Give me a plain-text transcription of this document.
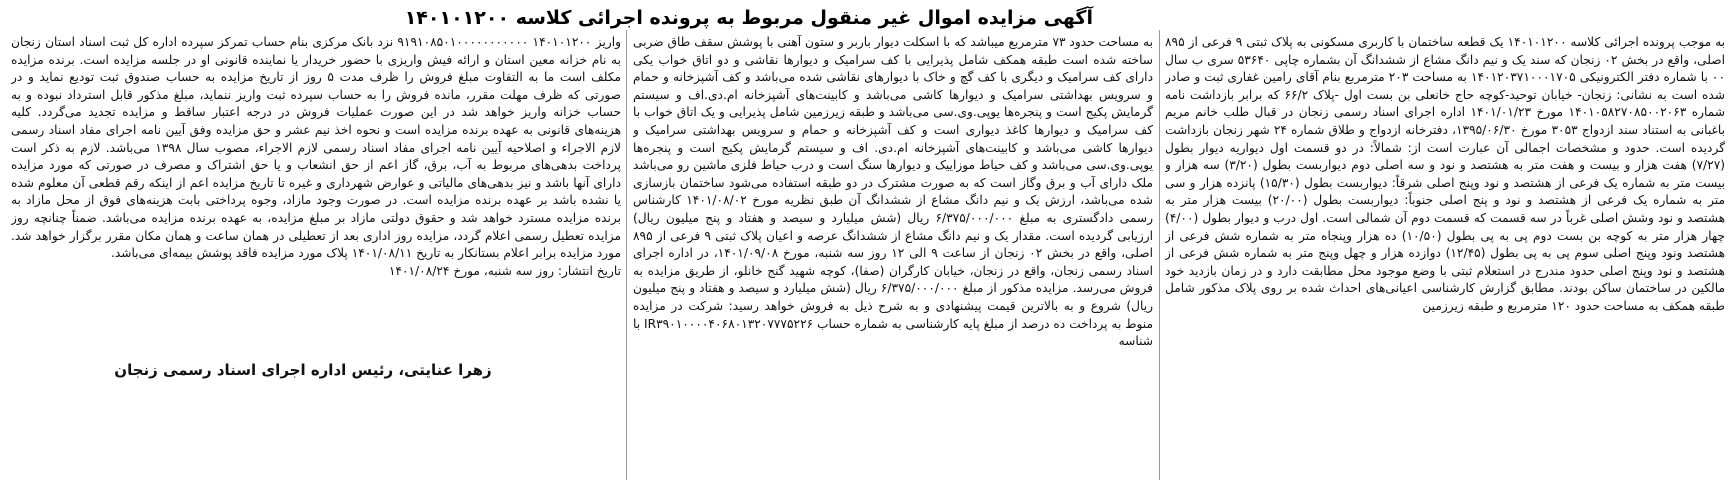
آگهی مزایده اموال غیر منقول مربوط به پرونده اجرائی کلاسه ۱۴۰۱۰۱۲۰۰

به موجب پرونده اجرائی کلاسه ۱۴۰۱۰۱۲۰۰ یک قطعه ساختمان با کاربری مسکونی به پلاک ثبتی ۹ فرعی از ۸۹۵ اصلی، واقع در بخش ۰۲ زنجان که سند یک و نیم دانگ مشاع از ششدانگ آن بشماره چاپی ۵۳۶۴۰ سری ب سال ۰۰ با شماره دفتر الکترونیکی ۱۴۰۱۲۰۳۷۱۰۰۰۱۷۰۵ به مساحت ۲۰۳ مترمربع بنام آقای رامین غفاری ثبت و صادر شده است به نشانی: زنجان- خیابان توحید-کوچه حاج خانعلی بن بست اول -پلاک ۶۶/۲ که برابر بازداشت نامه شماره ۱۴۰۱۰۵۸۲۷۰۸۵۰۰۲۰۶۳ مورخ ۱۴۰۱/۰۱/۲۳ اداره اجرای اسناد رسمی زنجان در قبال طلب خانم مریم باغبانی به استناد سند ازدواج ۳۰۵۳ مورخ ۱۳۹۵/۰۶/۳۰، دفترخانه ازدواج و طلاق شماره ۲۴ شهر زنجان بازداشت گردیده است. حدود و مشخصات اجمالی آن عبارت است از: شمالاً: در دو قسمت اول دیواریه دیوار بطول (۷/۲۷) هفت هزار و بیست و هفت متر به هشتصد و نود و سه اصلی دوم دیواربست بطول (۳/۲۰) سه هزار و بیست متر به شماره یک فرعی از هشتصد و نود وپنج اصلی شرقاً: دیواربست بطول (۱۵/۳۰) پانزده هزار و سی متر به شماره یک فرعی از هشتصد و نود و پنج اصلی جنوباً: دیواربست بطول (۲۰/۰۰) بیست هزار متر به هشتصد و نود وشش اصلی غرباً در سه قسمت که قسمت دوم آن شمالی است. اول درب و دیوار بطول (۴/۰۰) چهار هزار متر به کوچه بن بست دوم پی به پی بطول (۱۰/۵۰) ده هزار وپنجاه متر به شماره شش فرعی از هشتصد ونود وپنج اصلی سوم پی به پی بطول (۱۲/۴۵) دوازده هزار و چهل وپنج متر به شماره شش فرعی از هشتصد و نود وپنج اصلی حدود مندرج در استعلام ثبتی با وضع موجود محل مطابقت دارد و در زمان بازدید خود مالکین در ساختمان ساکن بودند. مطابق گزارش کارشناسی اعیانی‌های احداث شده بر روی پلاک مذکور شامل طبقه همکف به مساحت حدود ۱۲۰ مترمربع و طبقه زیرزمین

به مساحت حدود ۷۳ مترمربع میباشد که با اسکلت دیوار باربر و ستون آهنی با پوشش سقف طاق ضربی ساخته شده است طبقه همکف شامل پذیرایی با کف سرامیک و دیوارها نقاشی و دو اتاق خواب یکی دارای کف سرامیک و دیگری با کف گچ و خاک با دیوارهای نقاشی شده می‌باشد و کف آشپزخانه و حمام و سرویس بهداشتی سرامیک و دیوارها کاشی می‌باشد و کابینت‌های آشپزخانه ام.دی.اف و سیستم گرمایش پکیج است و پنجره‌ها یوپی.وی.سی می‌باشد و طبقه زیرزمین شامل پذیرایی و یک اتاق خواب با کف سرامیک و دیوارها کاغذ دیواری است و کف آشپزخانه و حمام و سرویس بهداشتی سرامیک و دیوارها کاشی می‌باشد و کابینت‌های آشپزخانه ام.دی. اف و سیستم گرمایش پکیج است و پنجره‌ها یوپی.وی.سی می‌باشد و کف حیاط موزاییک و دیوارها سنگ است و درب حیاط فلزی ماشین رو می‌باشد ملک دارای آب و برق وگاز است که به صورت مشترک در دو طبقه استفاده می‌شود ساختمان بازسازی شده می‌باشد، ارزش یک و نیم دانگ مشاع از ششدانگ آن طبق نظریه مورخ ۱۴۰۱/۰۸/۰۲ کارشناس رسمی دادگستری به مبلغ ۶/۳۷۵/۰۰۰/۰۰۰ ریال (شش میلیارد و سیصد و هفتاد و پنج میلیون ریال) ارزیابی گردیده است. مقدار یک و نیم دانگ مشاع از ششدانگ عرصه و اعیان پلاک ثبتی ۹ فرعی از ۸۹۵ اصلی، واقع در بخش ۰۲ زنجان از ساعت ۹ الی ۱۲ روز سه شنبه، مورخ ۱۴۰۱/۰۹/۰۸، در اداره اجرای اسناد رسمی زنجان، واقع در زنجان، خیابان کارگران (صفا)، کوچه شهید گنج خانلو، از طریق مزایده به فروش می‌رسد. مزایده مذکور از مبلغ ۶/۳۷۵/۰۰۰/۰۰۰ ریال (شش میلیارد و سیصد و هفتاد و پنج میلیون ریال) شروع و به بالاترین قیمت پیشنهادی و به شرح ذیل به فروش خواهد رسید: شرکت در مزایده منوط به پرداخت ده درصد از مبلغ پایه کارشناسی به شماره حساب IR۳۹۰۱۰۰۰۰۴۰۶۸۰۱۳۲۰۷۷۷۵۲۲۶ با شناسه

واریز ۱۴۰۱۰۱۲۰۰ ۹۱۹۱۰۸۵۰۱۰۰۰۰۰۰۰۰۰۰۰ نزد بانک مرکزی بنام حساب تمرکز سپرده اداره کل ثبت اسناد استان زنجان به نام خزانه معین استان و ارائه فیش واریزی با حضور خریدار یا نماینده قانونی او در جلسه مزایده است. برنده مزایده مکلف است ما به التفاوت مبلغ فروش را ظرف مدت ۵ روز از تاریخ مزایده به حساب صندوق ثبت تودیع نماید و در صورتی که ظرف مهلت مقرر، مانده فروش را به حساب سپرده ثبت واریز ننماید، مبلغ مذکور قابل استرداد نبوده و به حساب خزانه واریز خواهد شد در این صورت عملیات فروش در درجه اعتبار ساقط و مزایده تجدید می‌گردد. کلیه هزینه‌های قانونی به عهده برنده مزایده است و نحوه اخذ نیم عشر و حق مزایده وفق آیین نامه اجرای مفاد اسناد رسمی لازم الاجراء و اصلاحیه آیین نامه اجرای مفاد اسناد رسمی لازم الاجراء، مصوب سال ۱۳۹۸ می‌باشد. لازم به ذکر است پرداخت بدهی‌های مربوط به آب، برق، گاز اعم از حق انشعاب و یا حق اشتراک و مصرف در صورتی که مورد مزایده دارای آنها باشد و نیز بدهی‌های مالیاتی و عوارض شهرداری و غیره تا تاریخ مزایده اعم از اینکه رقم قطعی آن معلوم شده یا نشده باشد بر عهده برنده مزایده است. در صورت وجود مازاد، وجوه پرداختی بابت هزینه‌های فوق از محل مازاد به برنده مزایده مسترد خواهد شد و حقوق دولتی مازاد بر مبلغ مزایده، به عهده برنده مزایده می‌باشد. ضمناً چنانچه روز مزایده تعطیل رسمی اعلام گردد، مزایده روز اداری بعد از تعطیلی در همان ساعت و همان مکان مقرر برگزار خواهد شد. مورد مزایده برابر اعلام بستانکار به تاریخ ۱۴۰۱/۰۸/۱۱ پلاک مورد مزایده فاقد پوشش بیمه‌ای می‌باشد.

تاریخ انتشار: روز سه شنبه، مورخ ۱۴۰۱/۰۸/۲۴

زهرا عنایتی، رئیس اداره اجرای اسناد رسمی زنجان
